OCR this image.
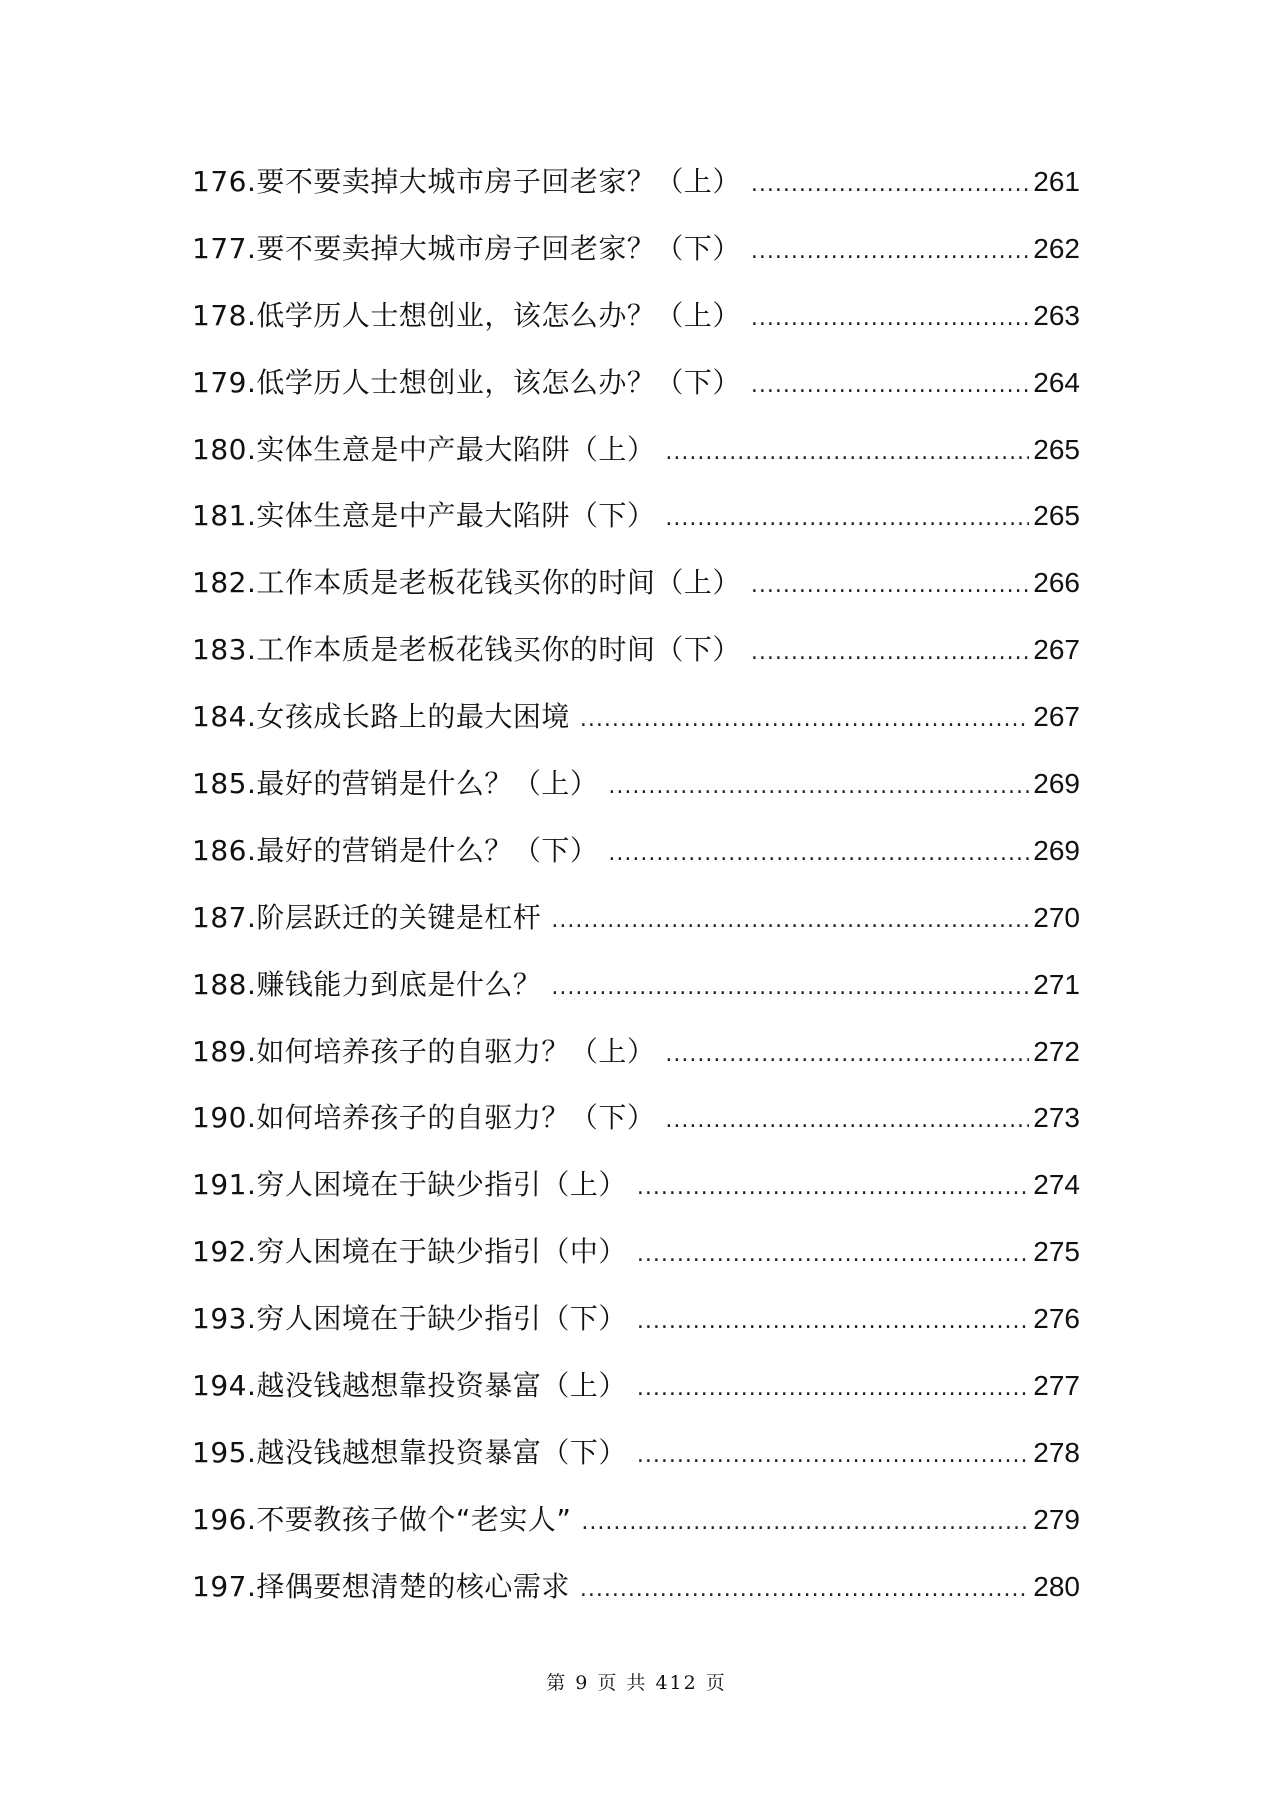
176.要不要卖掉大城市房子回老家？（上） .....	261
177.要不要卖掉大城市房子回老家？（下） .....	262
178.低学历人士想创业，该怎么办？（上） .....	263
179.低学历人士想创业，该怎么办？（下） .....	264
180.实体生意是中产最大陷阱（上） .....	265
181.实体生意是中产最大陷阱（下） .....	265
182.工作本质是老板花钱买你的时间（上） .....	266
183.工作本质是老板花钱买你的时间（下） .....	267
184.女孩成长路上的最大困境 .....	267
185.最好的营销是什么？（上） .....	269
186.最好的营销是什么？（下） .....	269
187.阶层跃迁的关键是杠杆 .....	270
188.赚钱能力到底是什么？ .....	271
189.如何培养孩子的自驱力？（上） .....	272
190.如何培养孩子的自驱力？（下） .....	273
191.穷人困境在于缺少指引（上） .....	274
192.穷人困境在于缺少指引（中） .....	275
193.穷人困境在于缺少指引（下） .....	276
194.越没钱越想靠投资暴富（上） .....	277
195.越没钱越想靠投资暴富（下） .....	278
196.不要教孩子做个“老实人” .....	279
197.择偶要想清楚的核心需求 .....	280
第 9 页 共 412 页
